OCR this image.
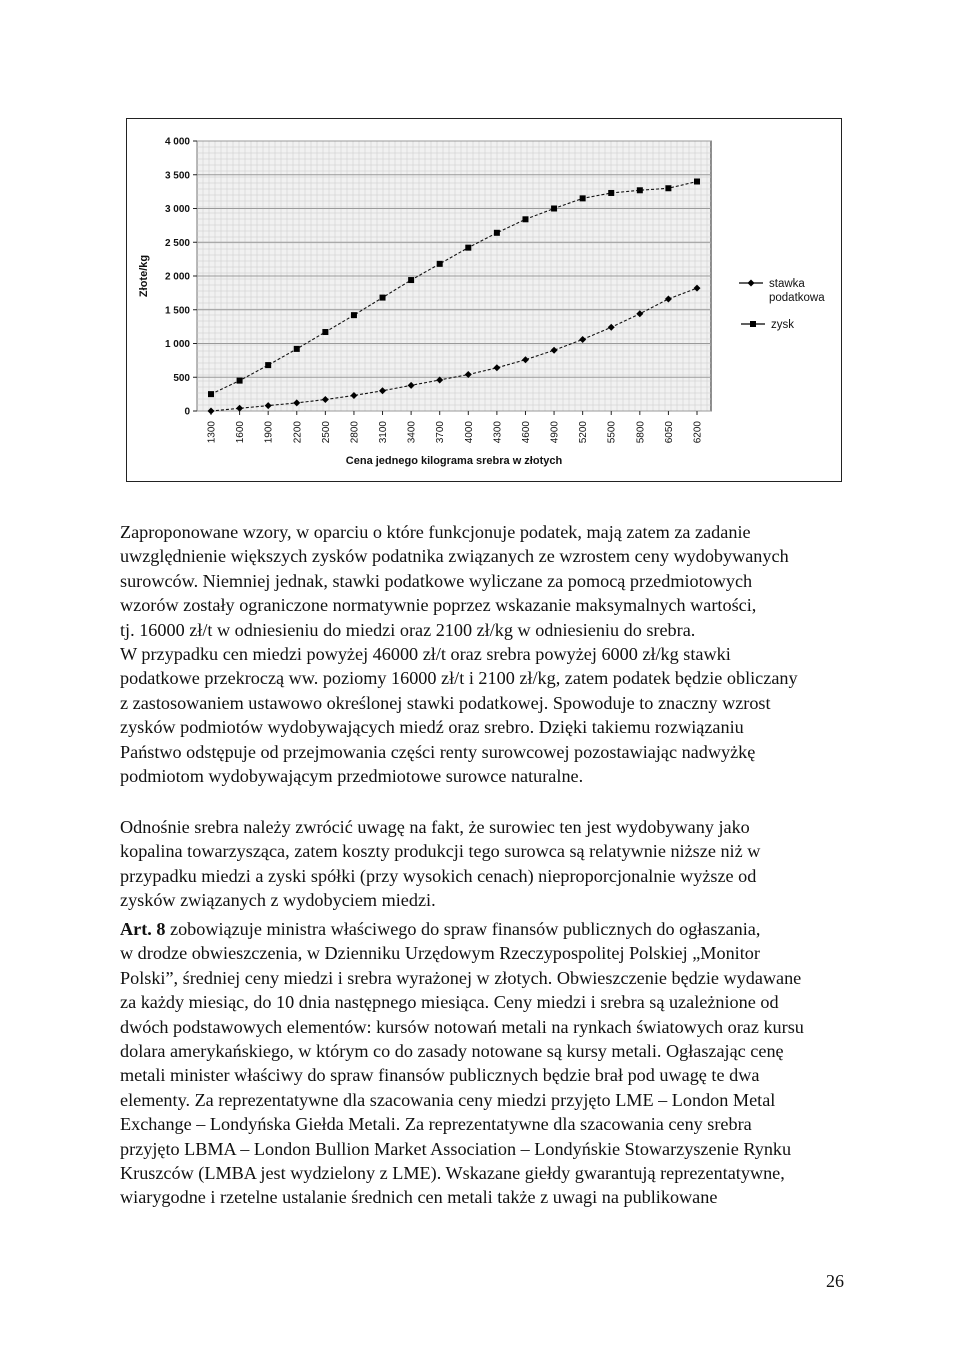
0
500
1 000
1 500
2 000
2 500
3 000
3 500
4 000
1300 1600 1900 2200 2500 2800 3100 3400 3700 4000 4300 4600 4900 5200 5500 5800 6050 6200
Cena jednego kilograma srebra w złotych
Złote/kg	stawka podatkowa
zysk

Zaproponowane wzory, w oparciu o które funkcjonuje podatek, mają zatem za zadanie
uwzględnienie większych zysków podatnika związanych ze wzrostem ceny wydobywanych
surowców. Niemniej jednak, stawki podatkowe wyliczane za pomocą przedmiotowych
wzorów zostały ograniczone normatywnie poprzez wskazanie maksymalnych wartości,
tj. 16000 zł/t w odniesieniu do miedzi oraz 2100 zł/kg w odniesieniu do srebra.
W przypadku cen miedzi powyżej 46000 zł/t oraz srebra powyżej 6000 zł/kg stawki
podatkowe przekroczą ww. poziomy 16000 zł/t i 2100 zł/kg, zatem podatek będzie obliczany
z zastosowaniem ustawowo określonej stawki podatkowej. Spowoduje to znaczny wzrost
zysków podmiotów wydobywających miedź oraz srebro. Dzięki takiemu rozwiązaniu
Państwo odstępuje od przejmowania części renty surowcowej pozostawiając nadwyżkę
podmiotom wydobywającym przedmiotowe surowce naturalne.

Odnośnie srebra należy zwrócić uwagę na fakt, że surowiec ten jest wydobywany jako
kopalina towarzysząca, zatem koszty produkcji tego surowca są relatywnie niższe niż w
przypadku miedzi a zyski spółki (przy wysokich cenach) nieproporcjonalnie wyższe od
zysków związanych z wydobyciem miedzi.

Art. 8 zobowiązuje ministra właściwego do spraw finansów publicznych do ogłaszania,
w drodze obwieszczenia, w Dzienniku Urzędowym Rzeczypospolitej Polskiej „Monitor
Polski”, średniej ceny miedzi i srebra wyrażonej w złotych. Obwieszczenie będzie wydawane
za każdy miesiąc, do 10 dnia następnego miesiąca. Ceny miedzi i srebra są uzależnione od
dwóch podstawowych elementów: kursów notowań metali na rynkach światowych oraz kursu
dolara amerykańskiego, w którym co do zasady notowane są kursy metali. Ogłaszając cenę
metali minister właściwy do spraw finansów publicznych będzie brał pod uwagę te dwa
elementy. Za reprezentatywne dla szacowania ceny miedzi przyjęto LME – London Metal
Exchange – Londyńska Giełda Metali. Za reprezentatywne dla szacowania ceny srebra
przyjęto LBMA – London Bullion Market Association – Londyńskie Stowarzyszenie Rynku
Kruszców (LMBA jest wydzielony z LME). Wskazane giełdy gwarantują reprezentatywne,
wiarygodne i rzetelne ustalanie średnich cen metali także z uwagi na publikowane

26
